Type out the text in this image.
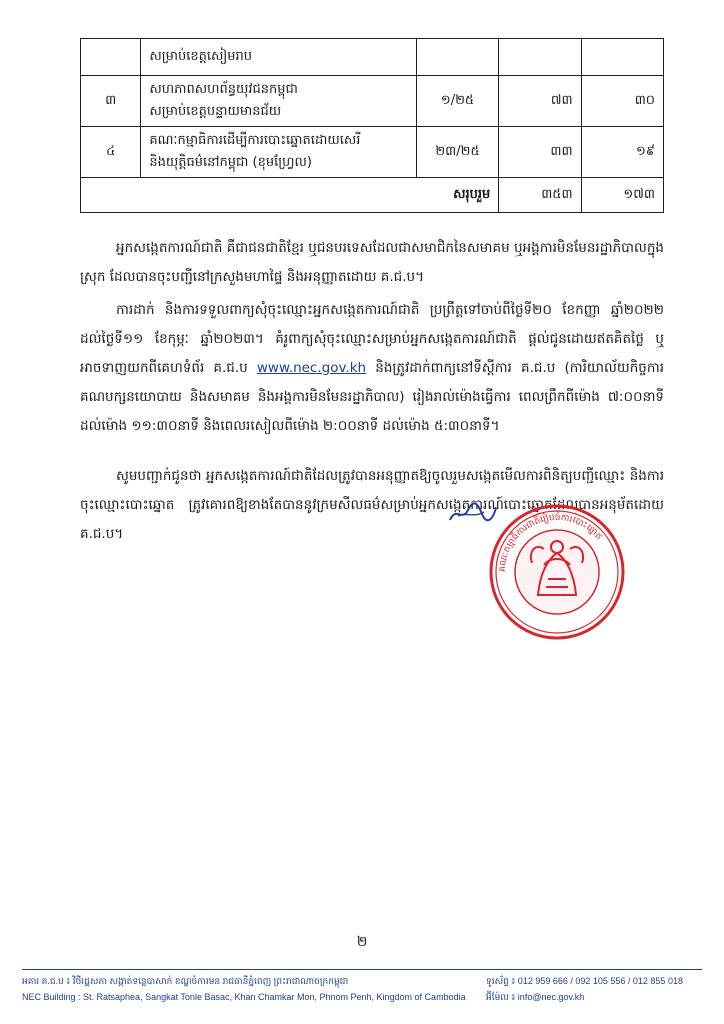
	សម្រាប់ខេត្តសៀមរាប			

៣	សហភាពសហព័ន្ធយុវជនកម្ពុជា
សម្រាប់ខេត្តបន្ទាយមានជ័យ	១/២៥	៧៣	៣០
៤	គណៈកម្មាធិការដើម្បីការបោះឆ្នោតដោយសេរី
និងយុត្តិធម៌នៅកម្ពុជា (ខុមហ្វ្រែល)	២៣/២៥	៣៣	១៩
សរុបរួម			៣៥៣	១៧៣

អ្នកសង្កេតការណ៍ជាតិ គឺជាជនជាតិខ្មែរ ឬជនបរទេសដែលជាសមាជិកនៃសមាគម ឬអង្គការមិនមែនរដ្ឋាភិបាលក្នុងស្រុក ដែលបានចុះបញ្ជីនៅក្រសួងមហាផ្ទៃ និងអនុញ្ញាតដោយ គ.ជ.ប។

ការដាក់ និងការទទួលពាក្យសុំចុះឈ្មោះអ្នកសង្កេតការណ៍ជាតិ ប្រព្រឹត្តទៅចាប់ពីថ្ងៃទី២០ ខែកញ្ញា ឆ្នាំ២០២២ ដល់ថ្ងៃទី១១ ខែកុម្ភៈ ឆ្នាំ២០២៣។ គំរូពាក្យសុំចុះឈ្មោះសម្រាប់អ្នកសង្កេតការណ៍ជាតិ ផ្តល់ជូនដោយឥតគិតថ្លៃ ឬអាចទាញយកពីគេហទំព័រ គ.ជ.ប www.nec.gov.kh និងត្រូវដាក់ពាក្យនៅទីស្តីការ គ.ជ.ប (ការិយាល័យកិច្ចការគណបក្សនយោបាយ និងសមាគម និងអង្គការមិនមែនរដ្ឋាភិបាល) រៀងរាល់ម៉ោងធ្វើការ ពេលព្រឹកពីម៉ោង ៧:០០នាទី ដល់ម៉ោង ១១:៣០នាទី និងពេលរសៀលពីម៉ោង ២:០០នាទី ដល់ម៉ោង ៥:៣០នាទី។

សូមបញ្ជាក់ជូនថា អ្នកសង្កេតការណ៍ជាតិដែលត្រូវបានអនុញ្ញាតឱ្យចូលរួមសង្កេតមើលការពិនិត្យបញ្ជីឈ្មោះ និងការចុះឈ្មោះបោះឆ្នោត ត្រូវគោរពឱ្យខាងតែបាននូវក្រមសីលធម៌សម្រាប់អ្នកសង្កេតការណ៍បោះឆ្នោតដែលបានអនុម័តដោយ គ.ជ.ប។

គណៈកម្មាធិការជាតិរៀបចំការបោះឆ្នោត
២
អគារ គ.ជ.ប ៖ វិថីរដ្ឋសភា សង្កាត់ទន្លេបាសាក់ ខណ្ឌចំការមន រាជធានីភ្នំពេញ ព្រះរាជាណាចក្រកម្ពុជា
NEC Building : St. Ratsaphea, Sangkat Tonle Basac, Khan Chamkar Mon, Phnom Penh, Kingdom of Cambodia
ទូរស័ព្ទ ៖ 012 959 666 / 092 105 556 / 012 855 018
អ៊ីម៉ែល ៖ info@nec.gov.kh
